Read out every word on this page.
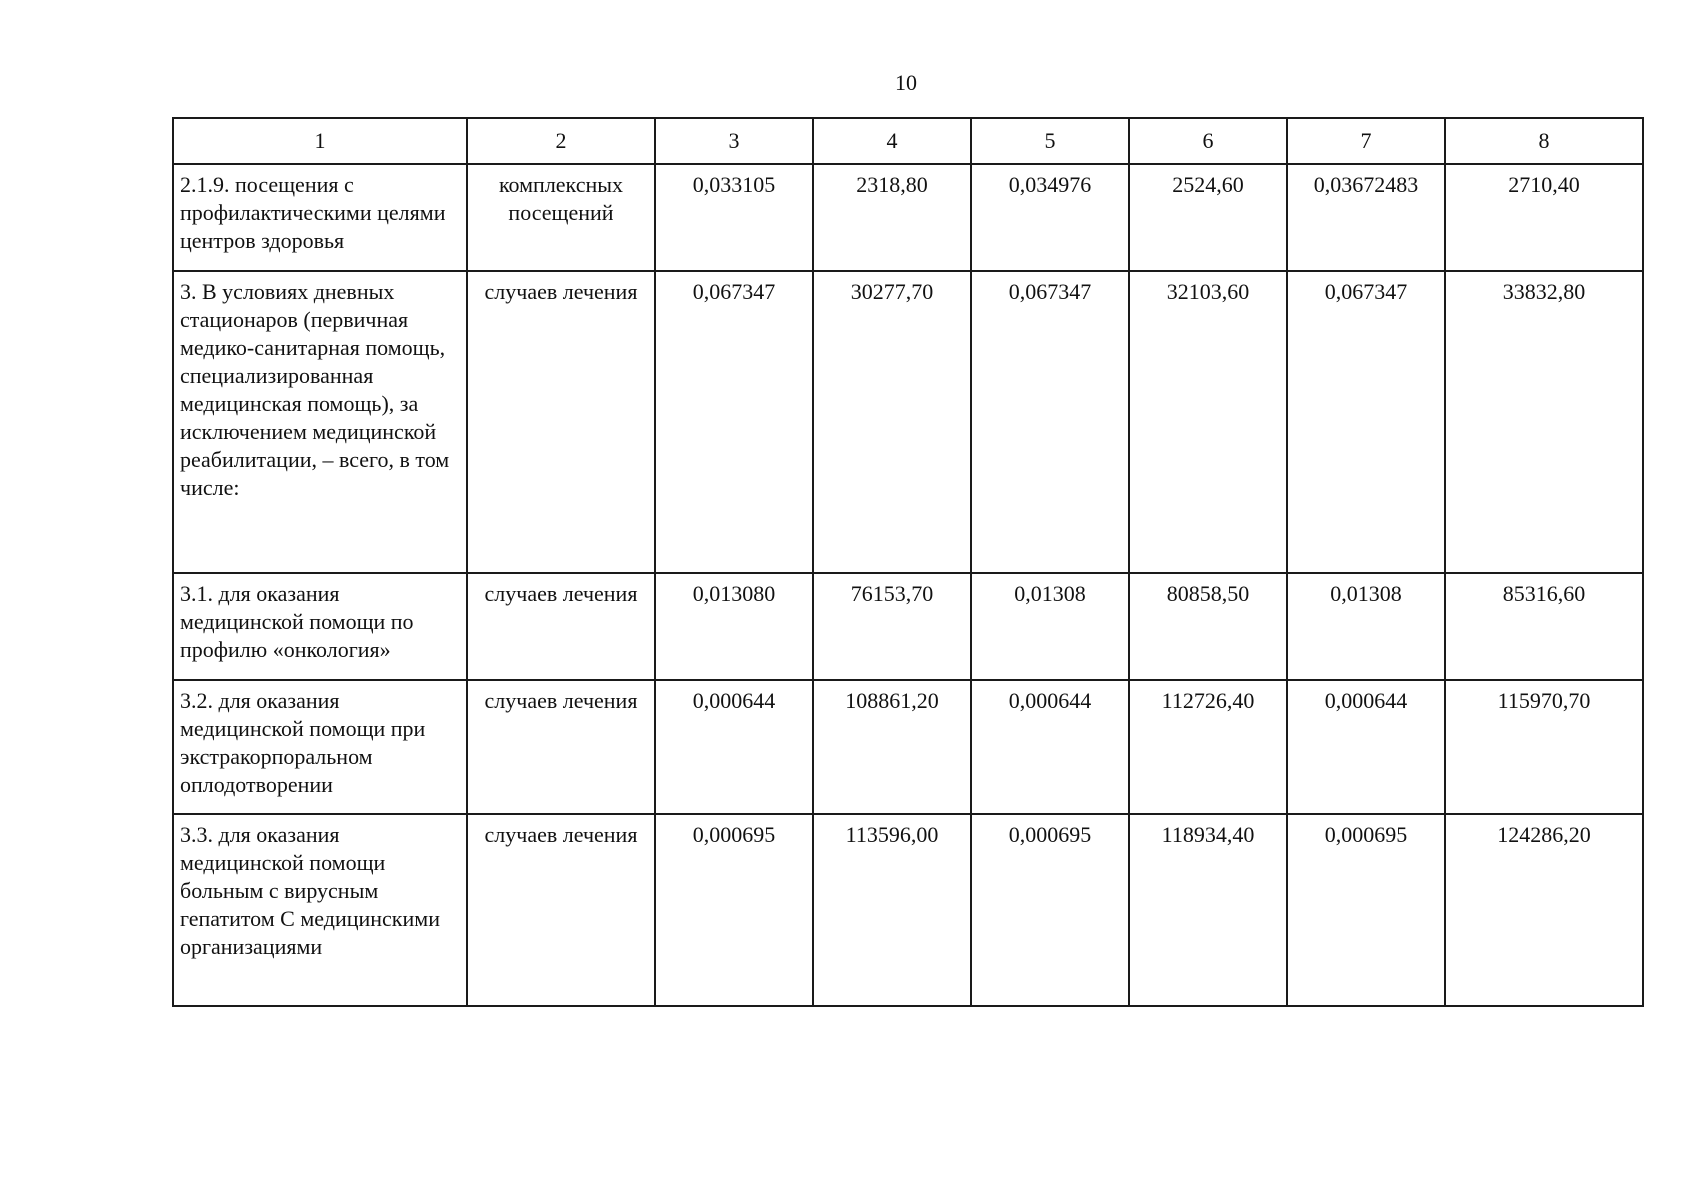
10
1	2	3	4	5	6	7	8
2.1.9. посещения с профилактическими целями центров здоровья	комплексных посещений	0,033105	2318,80	0,034976	2524,60	0,03672483	2710,40
3. В условиях дневных стационаров (первичная медико-санитарная помощь, специализированная медицинская помощь), за исключением медицинской реабилитации, – всего, в том числе:	случаев лечения	0,067347	30277,70	0,067347	32103,60	0,067347	33832,80
3.1. для оказания медицинской помощи по профилю «онкология»	случаев лечения	0,013080	76153,70	0,01308	80858,50	0,01308	85316,60
3.2. для оказания медицинской помощи при экстракорпоральном оплодотворении	случаев лечения	0,000644	108861,20	0,000644	112726,40	0,000644	115970,70
3.3. для оказания медицинской помощи больным с вирусным гепатитом С медицинскими организациями	случаев лечения	0,000695	113596,00	0,000695	118934,40	0,000695	124286,20
